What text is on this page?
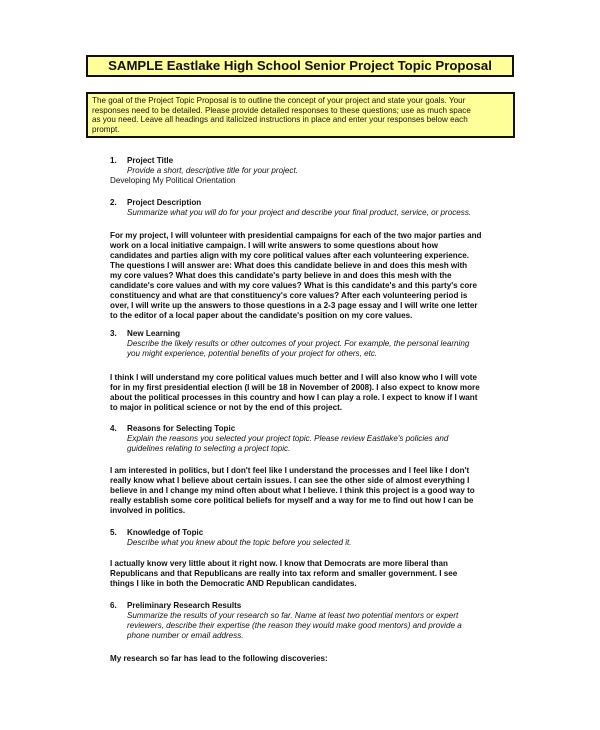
SAMPLE Eastlake High School Senior Project Topic Proposal
The goal of the Project Topic Proposal is to outline the concept of your project and state your goals. Your
responses need to be detailed. Please provide detailed responses to these questions; use as much space
as you need. Leave all headings and italicized instructions in place and enter your responses below each
prompt.
1. Project Title
Provide a short, descriptive title for your project.
Developing My Political Orientation
2. Project Description
Summarize what you will do for your project and describe your final product, service, or process.
For my project, I will volunteer with presidential campaigns for each of the two major parties and
work on a local initiative campaign. I will write answers to some questions about how
candidates and parties align with my core political values after each volunteering experience.
The questions I will answer are: What does this candidate believe in and does this mesh with
my core values? What does this candidate's party believe in and does this mesh with the
candidate's core values and with my core values? What is this candidate's and this party's core
constituency and what are that constituency's core values? After each volunteering period is
over, I will write up the answers to those questions in a 2-3 page essay and I will write one letter
to the editor of a local paper about the candidate's position on my core values.
3. New Learning
Describe the likely results or other outcomes of your project. For example, the personal learning
you might experience, potential benefits of your project for others, etc.
I think I will understand my core political values much better and I will also know who I will vote
for in my first presidential election (I will be 18 in November of 2008). I also expect to know more
about the political processes in this country and how I can play a role. I expect to know if I want
to major in political science or not by the end of this project.
4. Reasons for Selecting Topic
Explain the reasons you selected your project topic. Please review Eastlake's policies and
guidelines relating to selecting a project topic.
I am interested in politics, but I don't feel like I understand the processes and I feel like I don't
really know what I believe about certain issues. I can see the other side of almost everything I
believe in and I change my mind often about what I believe. I think this project is a good way to
really establish some core political beliefs for myself and a way for me to find out how I can be
involved in politics.
5. Knowledge of Topic
Describe what you knew about the topic before you selected it.
I actually know very little about it right now. I know that Democrats are more liberal than
Republicans and that Republicans are really into tax reform and smaller government. I see
things I like in both the Democratic AND Republican candidates.
6. Preliminary Research Results
Summarize the results of your research so far. Name at least two potential mentors or expert
reviewers, describe their expertise (the reason they would make good mentors) and provide a
phone number or email address.
My research so far has lead to the following discoveries:
